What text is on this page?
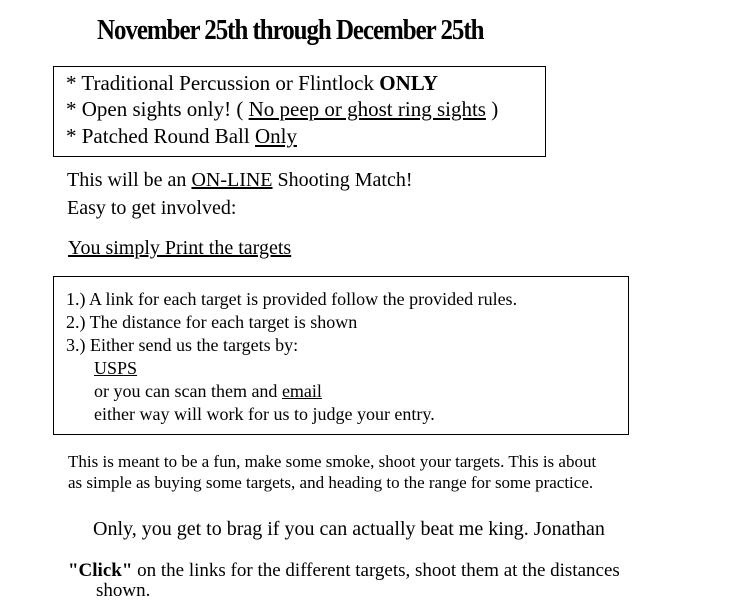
November 25th through December 25th
* Traditional Percussion or Flintlock ONLY
* Open sights only! ( No peep or ghost ring sights )
* Patched Round Ball Only
This will be an ON-LINE Shooting Match!
Easy to get involved:
You simply Print the targets
1.) A link for each target is provided follow the provided rules.
2.) The distance for each target is shown
3.) Either send us the targets by:
USPS
or you can scan them and email
either way will work for us to judge your entry.
This is meant to be a fun, make some smoke, shoot your targets. This is about
as simple as buying some targets, and heading to the range for some practice.
Only, you get to brag if you can actually beat me king. Jonathan
"Click" on the links for the different targets, shoot them at the distances
shown.
